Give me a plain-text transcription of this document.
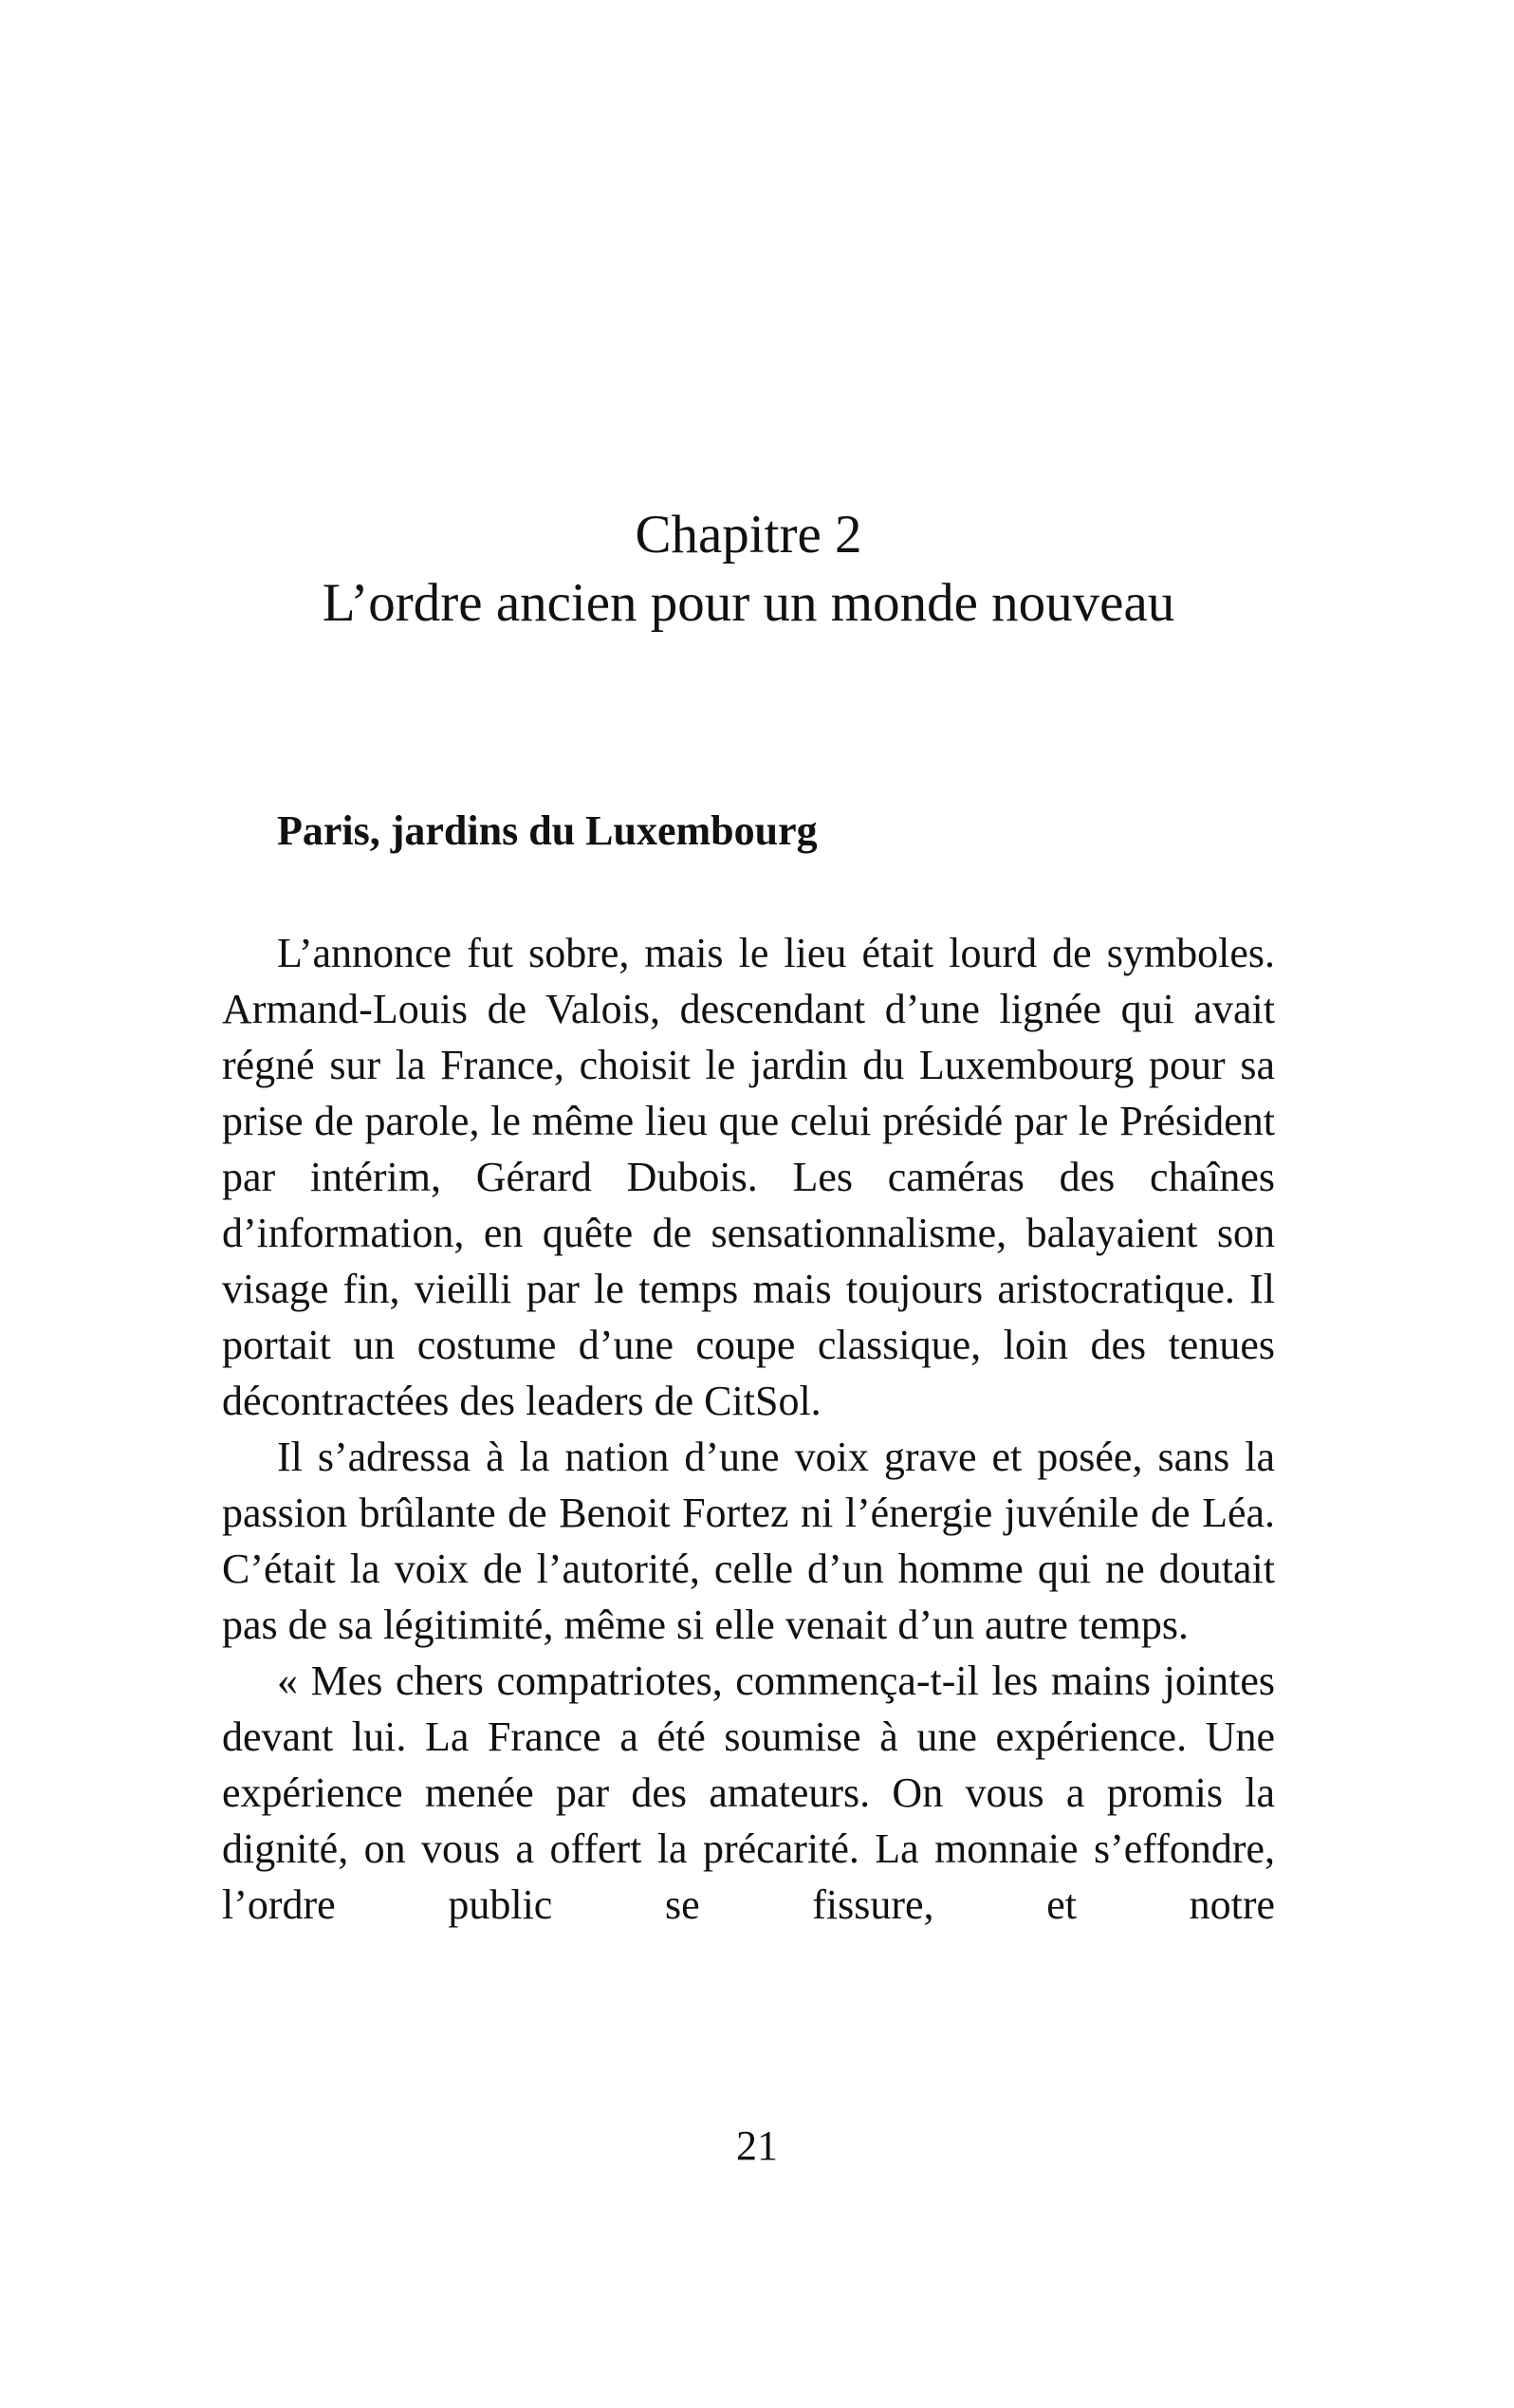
Chapitre 2
L’ordre ancien pour un monde nouveau
Paris, jardins du Luxembourg

L’annonce fut sobre, mais le lieu était lourd de symboles. Armand-Louis de Valois, descendant d’une lignée qui avait régné sur la France, choisit le jardin du Luxembourg pour sa prise de parole, le même lieu que celui présidé par le Président par intérim, Gérard Dubois. Les caméras des chaînes d’information, en quête de sensationnalisme, balayaient son visage fin, vieilli par le temps mais toujours aristocratique. Il portait un costume d’une coupe classique, loin des tenues décontractées des leaders de CitSol.

Il s’adressa à la nation d’une voix grave et posée, sans la passion brûlante de Benoit Fortez ni l’énergie juvénile de Léa. C’était la voix de l’autorité, celle d’un homme qui ne doutait pas de sa légitimité, même si elle venait d’un autre temps.

« Mes chers compatriotes, commença-t-il les mains jointes devant lui. La France a été soumise à une expérience. Une expérience menée par des amateurs. On vous a promis la dignité, on vous a offert la précarité. La monnaie s’effondre, l’ordre public se fissure, et notre

21
